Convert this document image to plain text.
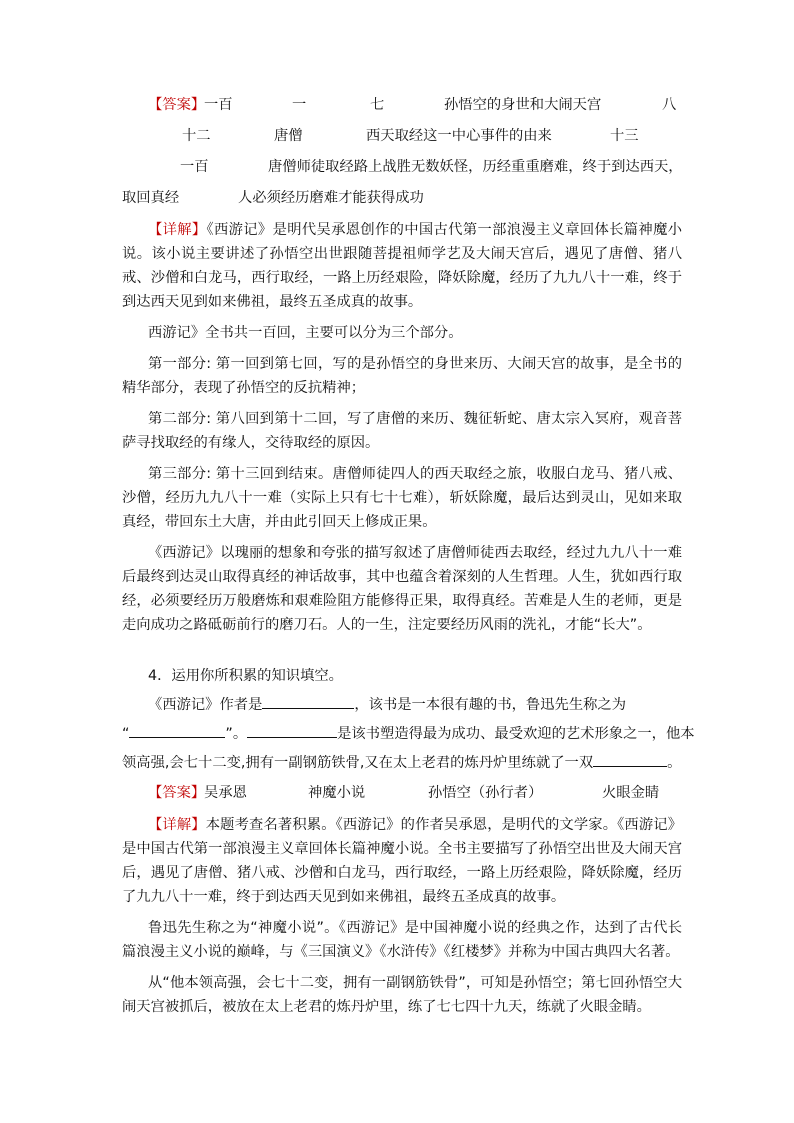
【答案】
一百	一	七	孙悟空的身世和大闹天宫	八
十二	唐僧	西天取经这一中心事件的由来	十三
一百	唐僧师徒取经路上战胜无数妖怪，历经重重磨难，终于到达西天，
取回真经	人必须经历磨难才能获得成功

【详解】《西游记》是明代吴承恩创作的中国古代第一部浪漫主义章回体长篇神魔小说。该小说主要讲述了孙悟空出世跟随菩提祖师学艺及大闹天宫后，遇见了唐僧、猪八戒、沙僧和白龙马，西行取经，一路上历经艰险，降妖除魔，经历了九九八十一难，终于到达西天见到如来佛祖，最终五圣成真的故事。

西游记》全书共一百回，主要可以分为三个部分。

第一部分: 第一回到第七回，写的是孙悟空的身世来历、大闹天宫的故事，是全书的精华部分，表现了孙悟空的反抗精神；

第二部分: 第八回到第十二回，写了唐僧的来历、魏征斩蛇、唐太宗入冥府，观音菩萨寻找取经的有缘人，交待取经的原因。

第三部分: 第十三回到结束。唐僧师徒四人的西天取经之旅，收服白龙马、猪八戒、沙僧，经历九九八十一难（实际上只有七十七难），斩妖除魔，最后达到灵山，见如来取真经，带回东土大唐，并由此引回天上修成正果。

《西游记》以瑰丽的想象和夸张的描写叙述了唐僧师徒西去取经，经过九九八十一难后最终到达灵山取得真经的神话故事，其中也蕴含着深刻的人生哲理。人生，犹如西行取经，必须要经历万般磨炼和艰难险阻方能修得正果，取得真经。苦难是人生的老师，更是走向成功之路砥砺前行的磨刀石。人的一生，注定要经历风雨的洗礼，才能“长大”。

4．运用你所积累的知识填空。

《西游记》作者是	，该书是一本很有趣的书，鲁迅先生称之为

“	”。	是该书塑造得最为成功、最受欢迎的艺术形象之一，他本
领高强,会七十二变,拥有一副钢筋铁骨,又在太上老君的炼丹炉里练就了一双	。
【答案】
吴承恩	神魔小说	孙悟空（孙行者）	火眼金睛

【详解】本题考查名著积累。《西游记》的作者吴承恩，是明代的文学家。《西游记》是中国古代第一部浪漫主义章回体长篇神魔小说。全书主要描写了孙悟空出世及大闹天宫后，遇见了唐僧、猪八戒、沙僧和白龙马，西行取经，一路上历经艰险，降妖除魔，经历了九九八十一难，终于到达西天见到如来佛祖，最终五圣成真的故事。

鲁迅先生称之为“神魔小说”。《西游记》是中国神魔小说的经典之作，达到了古代长篇浪漫主义小说的巅峰，与《三国演义》《水浒传》《红楼梦》并称为中国古典四大名著。

从“他本领高强，会七十二变，拥有一副钢筋铁骨”，可知是孙悟空；第七回孙悟空大闹天宫被抓后，被放在太上老君的炼丹炉里，练了七七四十九天，练就了火眼金睛。
